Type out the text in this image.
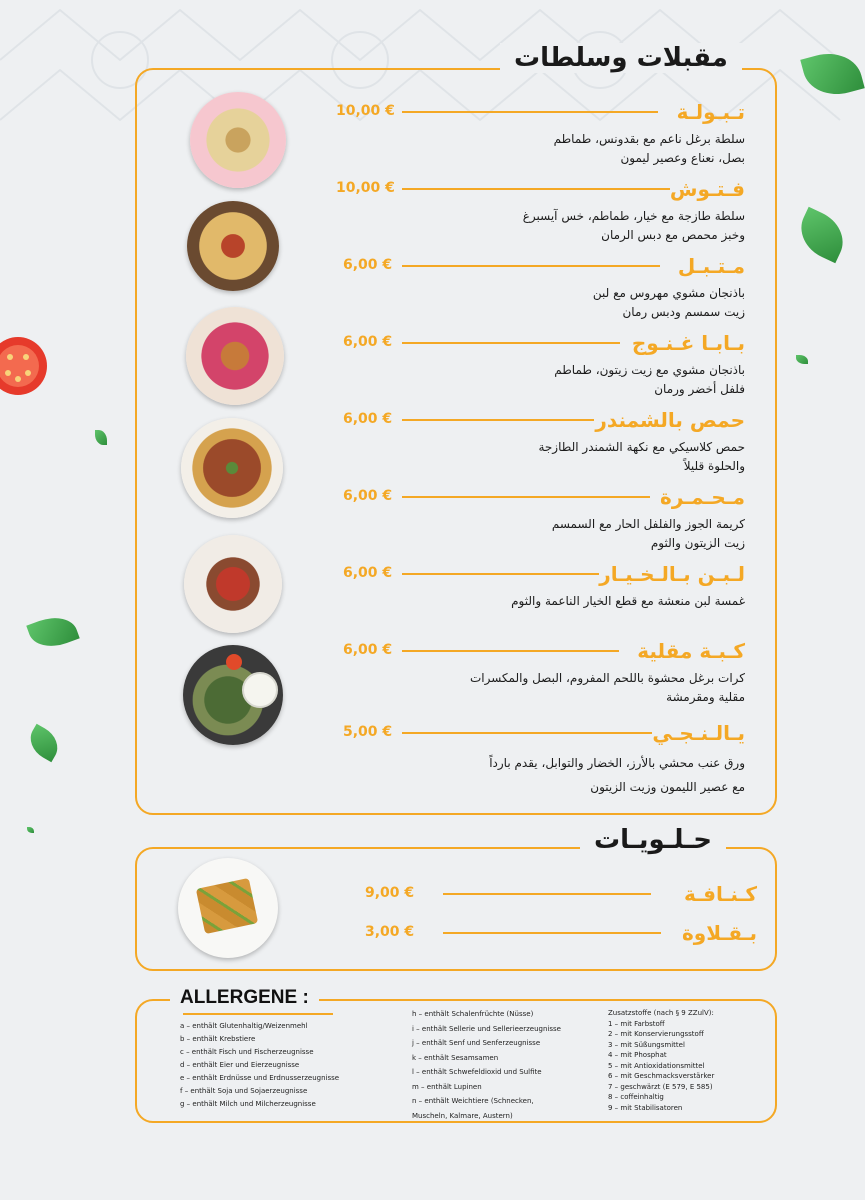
مقبلات وسلطات
تـبـولـة
10,00 €
سلطة برغل ناعم مع بقدونس، طماطم
بصل، نعناع وعصير ليمون
فـتـوش
10,00 €
سلطة طازجة مع خيار، طماطم، خس آيسبرغ
وخبز محمص مع دبس الرمان
مـتـبـل
6,00 €
باذنجان مشوي مهروس مع لبن
زيت سمسم ودبس رمان
بـابـا غـنـوج
6,00 €
باذنجان مشوي مع زيت زيتون، طماطم
فلفل أخضر ورمان
حمص بالشمندر
6,00 €
حمص كلاسيكي مع نكهة الشمندر الطازجة
والحلوة قليلاً
مـحـمـرة
6,00 €
كريمة الجوز والفلفل الحار مع السمسم
زيت الزيتون والثوم
لـبـن بـالـخـيـار
6,00 €
غمسة لبن منعشة مع قطع الخيار الناعمة والثوم
كـبـة مقلية
6,00 €
كرات برغل محشوة باللحم المفروم، البصل والمكسرات
مقلية ومقرمشة
يـالـنـجـي
5,00 €
ورق عنب محشي بالأرز، الخضار والتوابل، يقدم بارداً
مع عصير الليمون وزيت الزيتون
حـلـويـات
كـنـافـة
9,00 €
بـقـلاوة
3,00 €
ALLERGENE :
a – enthält Glutenhaltig/Weizenmehl
b – enthält Krebstiere
c – enthält Fisch und Fischerzeugnisse
d – enthält Eier und Eierzeugnisse
e – enthält Erdnüsse und Erdnusserzeugnisse
f – enthält Soja und Sojaerzeugnisse
g – enthält Milch und Milcherzeugnisse
h – enthält Schalenfrüchte (Nüsse)
i – enthält Sellerie und Sellerieerzeugnisse
j – enthält Senf und Senferzeugnisse
k – enthält Sesamsamen
l – enthält Schwefeldioxid und Sulfite
m – enthält Lupinen
n – enthält Weichtiere (Schnecken,
Muscheln, Kalmare, Austern)
Zusatzstoffe (nach § 9 ZZulV):
1 – mit Farbstoff
2 – mit Konservierungsstoff
3 – mit Süßungsmittel
4 – mit Phosphat
5 – mit Antioxidationsmittel
6 – mit Geschmacksverstärker
7 – geschwärzt (E 579, E 585)
8 – coffeinhaltig
9 – mit Stabilisatoren
